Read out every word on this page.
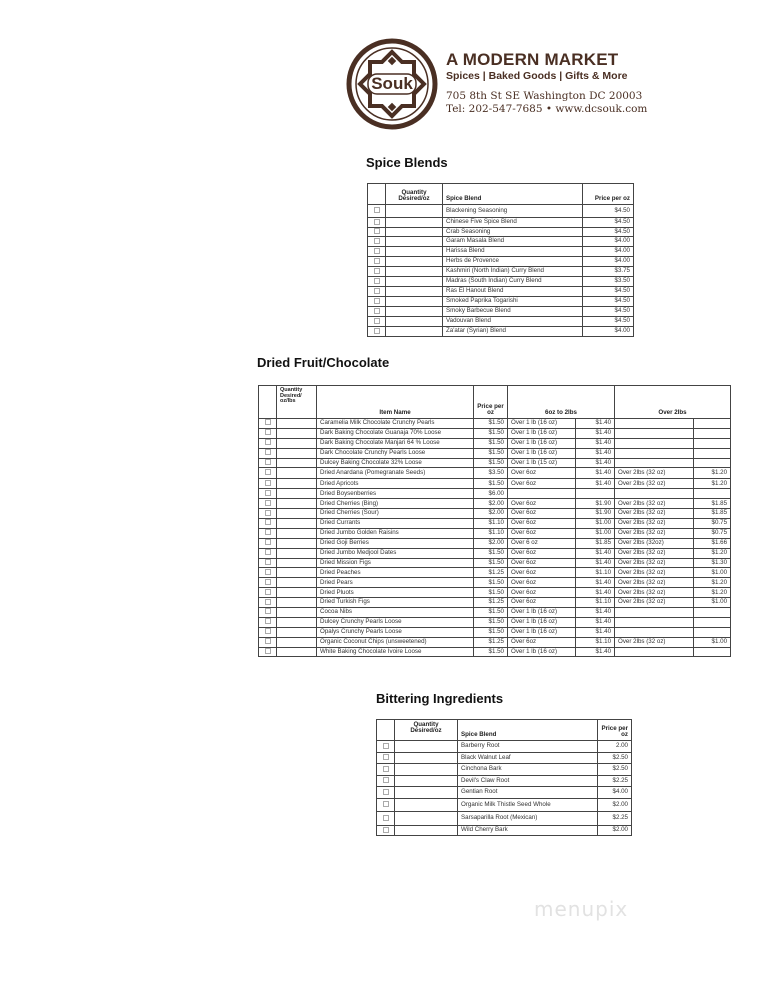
Souk
A MODERN MARKET
Spices | Baked Goods | Gifts & More
705 8th St SE Washington DC 20003
Tel: 202-547-7685 • www.dcsouk.com
Spice Blends
	Quantity Desired/oz	Spice Blend	Price per oz
		Blackening Seasoning	$4.50
		Chinese Five Spice Blend	$4.50
		Crab Seasoning	$4.50
		Garam Masala Blend	$4.00
		Harissa Blend	$4.00
		Herbs de Provence	$4.00
		Kashmiri (North Indian) Curry Blend	$3.75
		Madras (South Indian) Curry Blend	$3.50
		Ras El Hanout Blend	$4.50
		Smoked Paprika Togarishi	$4.50
		Smoky Barbecue Blend	$4.50
		Vadouvan Blend	$4.50
		Za'atar (Syrian) Blend	$4.00
Dried Fruit/Chocolate
	Quantity Desired/ oz/lbs	Item Name	Price per oz	6oz to 2lbs		Over 2lbs	
		Caramelia Milk Chocolate Crunchy Pearls	$1.50	Over 1 lb (16 oz)	$1.40		
		Dark Baking Chocolate Guanaja 70% Loose	$1.50	Over 1 lb (16 oz)	$1.40		
		Dark Baking Chocolate Manjari 64 % Loose	$1.50	Over 1 lb (16 oz)	$1.40		
		Dark Chocolate Crunchy Pearls Loose	$1.50	Over 1 lb (16 oz)	$1.40		
		Dulcey Baking Chocolate 32% Loose	$1.50	Over 1 lb (15 oz)	$1.40		
		Dried Anardana (Pomegranate Seeds)	$3.50	Over 6oz	$1.40	Over 2lbs (32 oz)	$1.20
		Dried Apricots	$1.50	Over 6oz	$1.40	Over 2lbs (32 oz)	$1.20
		Dried Boysenberries	$6.00				
		Dried Cherries (Bing)	$2.00	Over 6oz	$1.90	Over 2lbs (32 oz)	$1.85
		Dried Cherries (Sour)	$2.00	Over 6oz	$1.90	Over 2lbs (32 oz)	$1.85
		Dried Currants	$1.10	Over 6oz	$1.00	Over 2lbs (32 oz)	$0.75
		Dried Jumbo Golden Raisins	$1.10	Over 6oz	$1.00	Over 2lbs (32 oz)	$0.75
		Dried Goji Berries	$2.00	Over 6 oz	$1.85	Over 2lbs (32oz)	$1.66
		Dried Jumbo Medjool Dates	$1.50	Over 6oz	$1.40	Over 2lbs (32 oz)	$1.20
		Dried Mission Figs	$1.50	Over 6oz	$1.40	Over 2lbs (32 oz)	$1.30
		Dried Peaches	$1.25	Over 6oz	$1.10	Over 2lbs (32 oz)	$1.00
		Dried Pears	$1.50	Over 6oz	$1.40	Over 2lbs (32 oz)	$1.20
		Dried Pluots	$1.50	Over 6oz	$1.40	Over 2lbs (32 oz)	$1.20
		Dried Turkish Figs	$1.25	Over 6oz	$1.10	Over 2lbs (32 oz)	$1.00
		Cocoa Nibs	$1.50	Over 1 lb (16 oz)	$1.40		
		Dulcey Crunchy Pearls Loose	$1.50	Over 1 lb (16 oz)	$1.40		
		Opalys Crunchy Pearls Loose	$1.50	Over 1 lb (16 oz)	$1.40		
		Organic Coconut Chips (unsweetened)	$1.25	Over 6oz	$1.10	Over 2lbs (32 oz)	$1.00
		White Baking Chocolate Ivoire Loose	$1.50	Over 1 lb (16 oz)	$1.40		
Bittering Ingredients
	Quantity Desired/oz	Spice Blend	Price per oz
		Barberry Root	2.00
		Black Walnut Leaf	$2.50
		Cinchona Bark	$2.50
		Devil's Claw Root	$2.25
		Gentian Root	$4.00
		Organic Milk Thistle Seed Whole	$2.00
		Sarsaparilla Root (Mexican)	$2.25
		Wild Cherry Bark	$2.00
menupix
